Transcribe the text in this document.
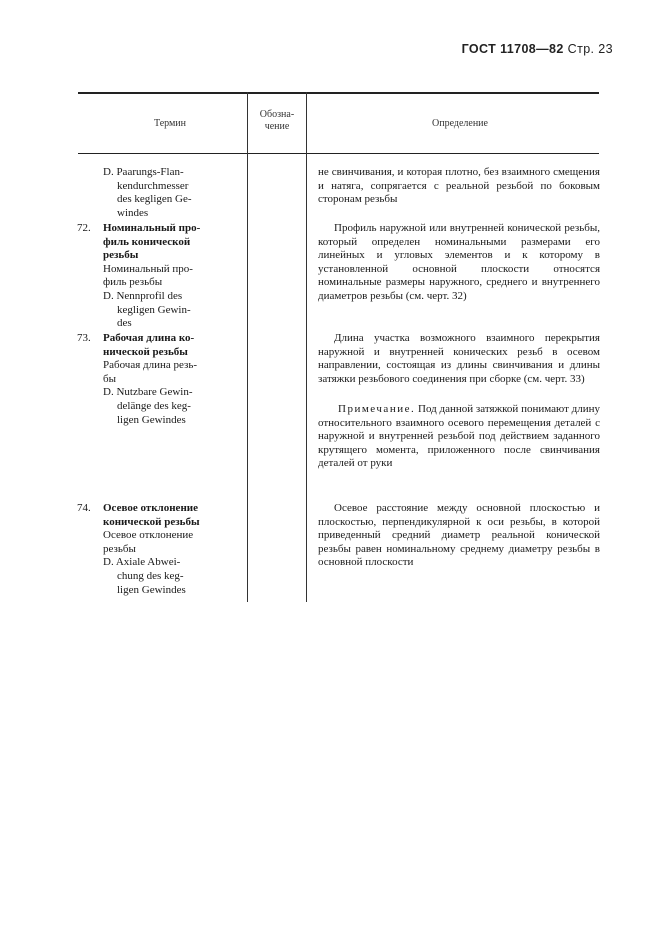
ГОСТ 11708—82 Стр. 23
Термин
Обозна-
чение	Определение
D. Paarungs-Flan-
kendurchmesser
des kegligen Ge-
windes
72. Номинальный про-
филь конической
резьбы
Номинальный про-
филь резьбы
D. Nennprofil des
kegligen Gewin-
des
73. Рабочая длина ко-
нической резьбы
Рабочая длина резь-
бы
D. Nutzbare Gewin-
delänge des keg-
ligen Gewindes
74. Осевое отклонение
конической резьбы
Осевое отклонение
резьбы
D. Axiale Abwei-
chung des keg-
ligen Gewindes

не свинчивания, и которая плотно, без взаимного смещения и натяга, сопрягается с реальной резьбой по боковым сторонам резьбы

Профиль наружной или внутренней конической резьбы, который определен номинальными размерами его линейных и угловых элементов и к которому в установленной основной плоскости относятся номинальные размеры наружного, среднего и внутреннего диаметров резьбы (см. черт. 32)

Длина участка возможного взаимного перекрытия наружной и внутренней конических резьб в осевом направлении, состоящая из длины свинчивания и длины затяжки резьбового соединения при сборке (см. черт. 33)

Примечание. Под данной затяжкой понимают длину относительного взаимного осевого перемещения деталей с наружной и внутренней резьбой под действием заданного крутящего момента, приложенного после свинчивания деталей от руки

Осевое расстояние между основной плоскостью и плоскостью, перпендикулярной к оси резьбы, в которой приведенный средний диаметр реальной конической резьбы равен номинальному среднему диаметру резьбы в основной плоскости
